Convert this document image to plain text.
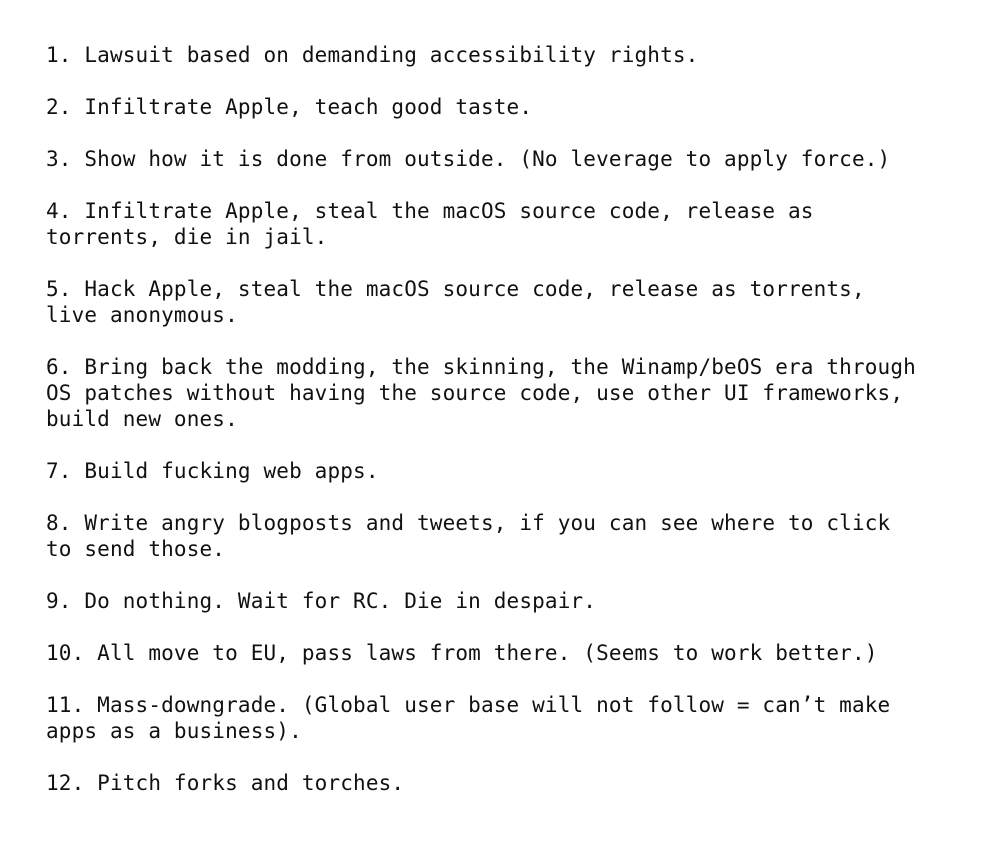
1. Lawsuit based on demanding accessibility rights.

2. Infiltrate Apple, teach good taste.

3. Show how it is done from outside. (No leverage to apply force.)

4. Infiltrate Apple, steal the macOS source code, release as
torrents, die in jail.

5. Hack Apple, steal the macOS source code, release as torrents,
live anonymous.

6. Bring back the modding, the skinning, the Winamp/beOS era through
OS patches without having the source code, use other UI frameworks,
build new ones.

7. Build fucking web apps.

8. Write angry blogposts and tweets, if you can see where to click
to send those.

9. Do nothing. Wait for RC. Die in despair.

10. All move to EU, pass laws from there. (Seems to work better.)

11. Mass-downgrade. (Global user base will not follow = can’t make
apps as a business).

12. Pitch forks and torches.
